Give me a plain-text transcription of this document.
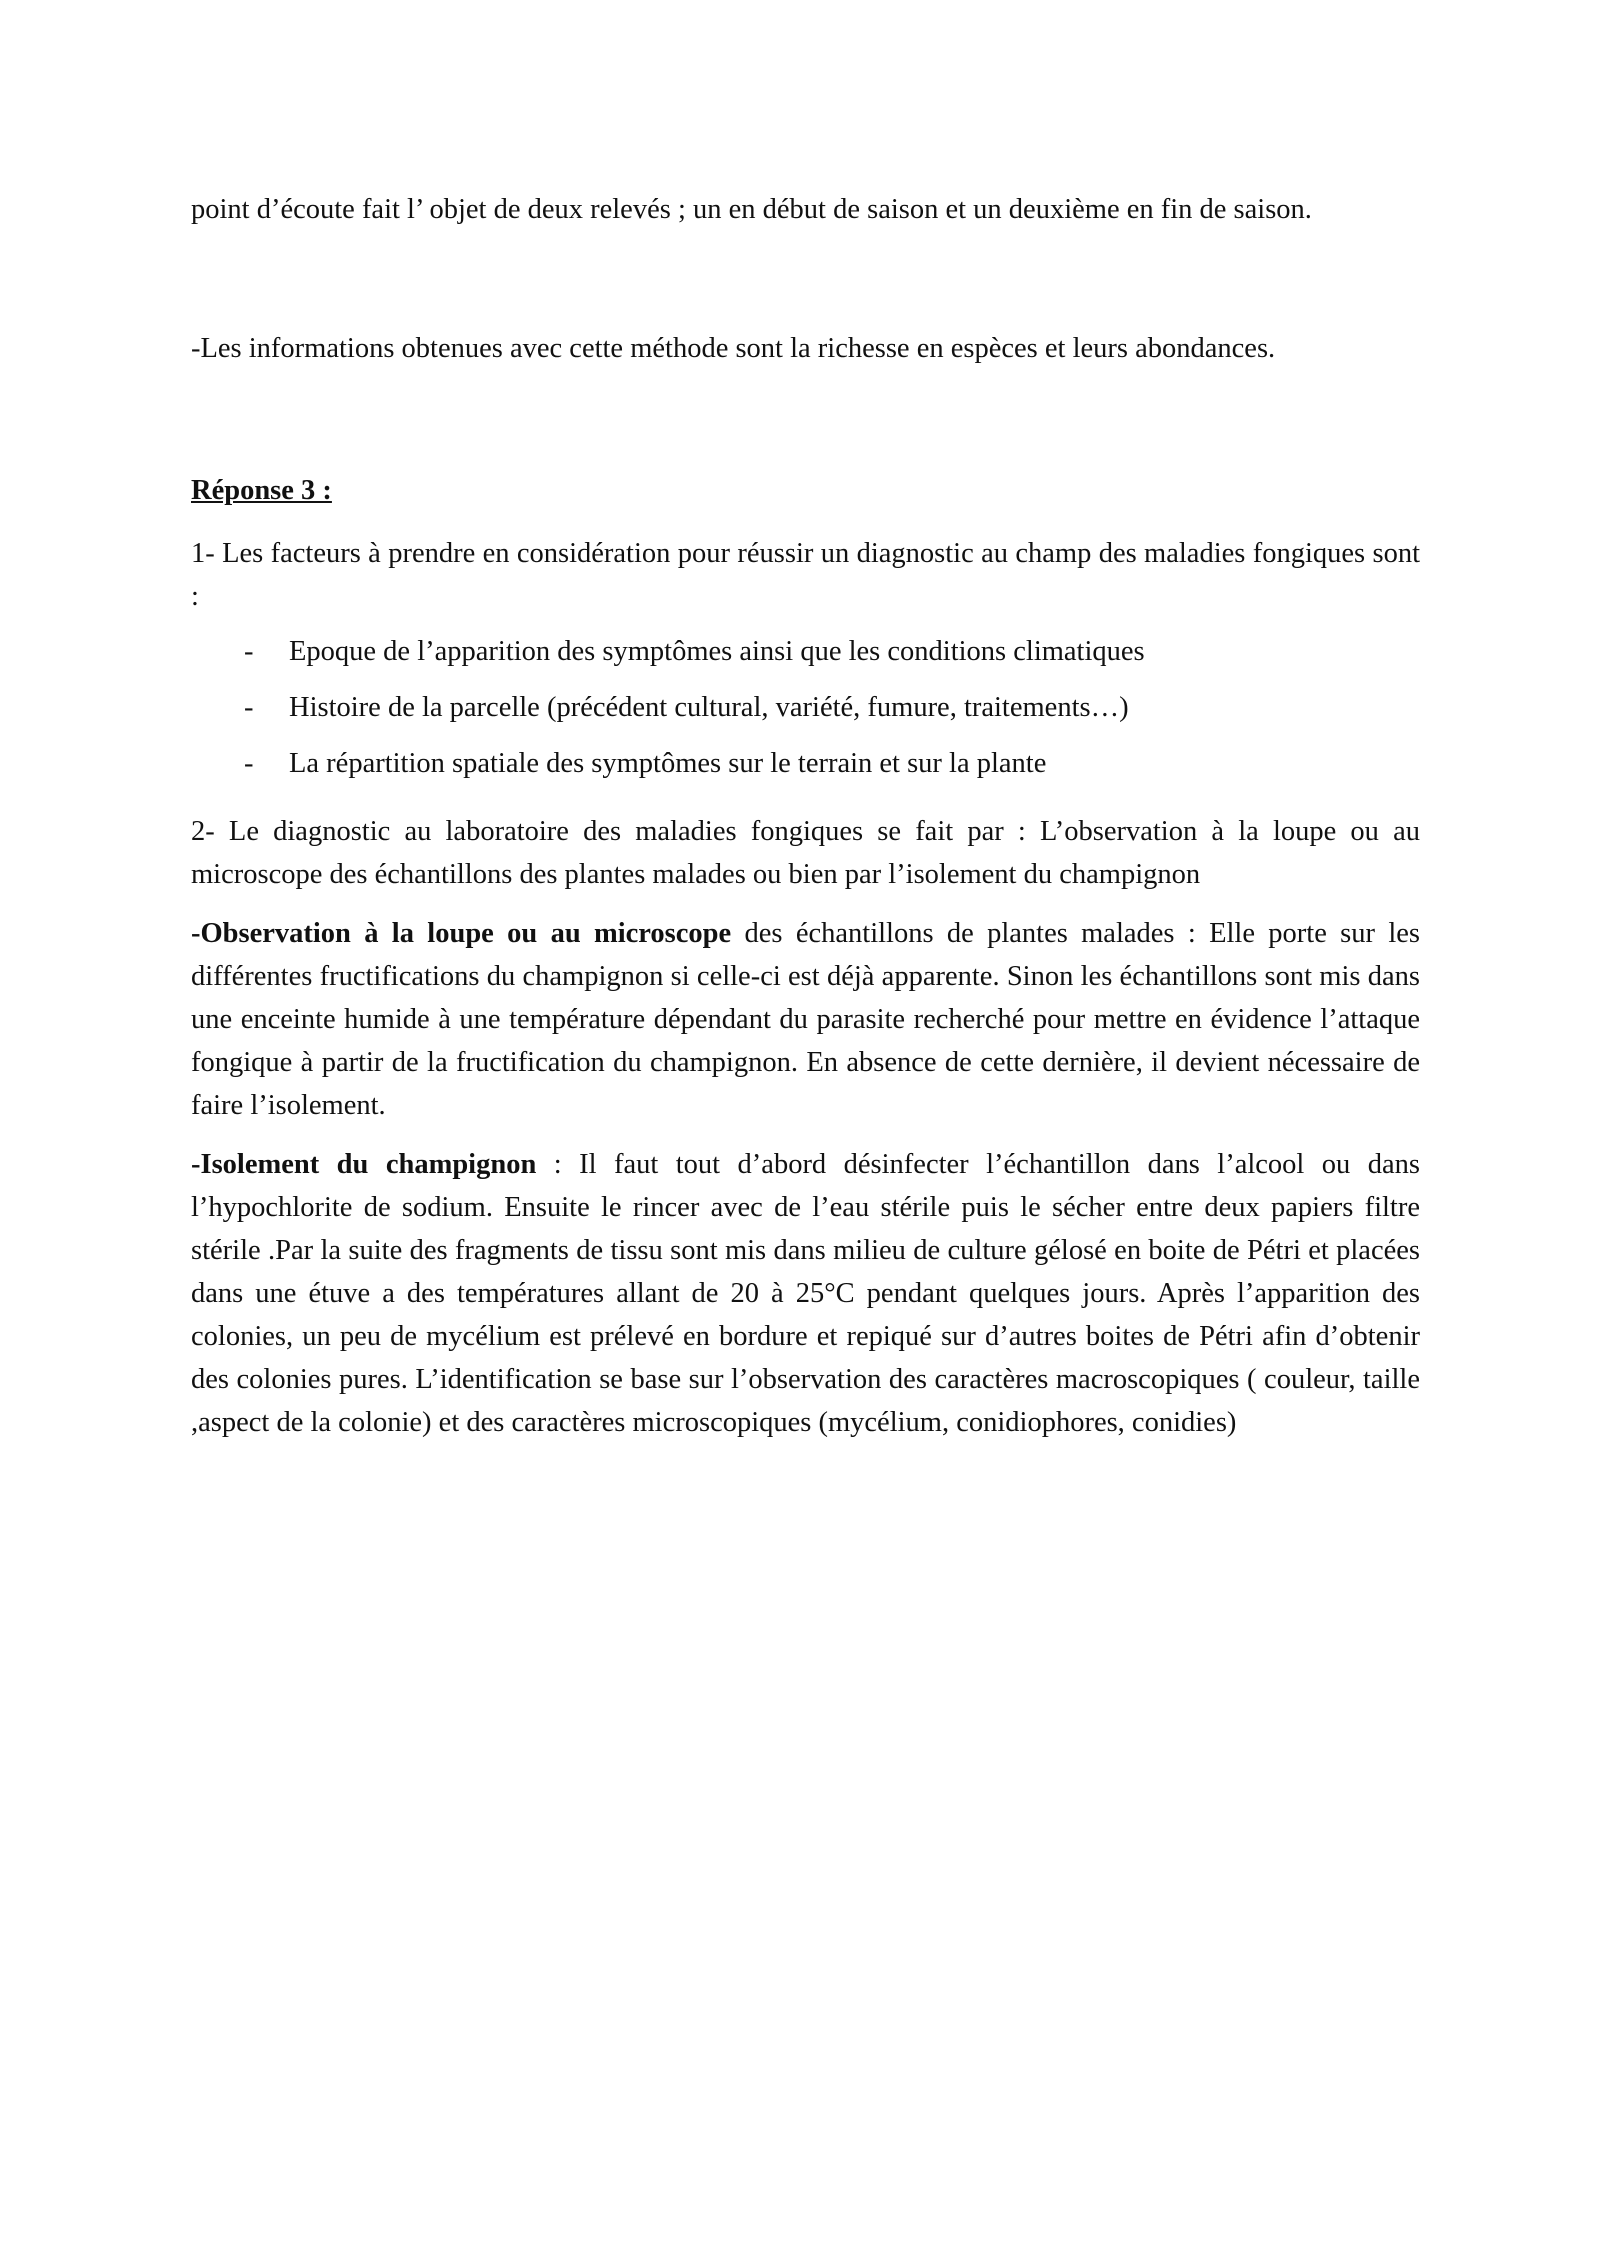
point d’écoute fait l’ objet de deux relevés ; un en début de saison et un deuxième en fin de saison.

-Les informations obtenues avec cette méthode sont la richesse en espèces et leurs abondances.

Réponse 3 :

1- Les facteurs à prendre en considération pour réussir un diagnostic au champ des maladies fongiques sont :

- Epoque de l’apparition des symptômes ainsi que les conditions climatiques
- Histoire de la parcelle (précédent cultural, variété, fumure, traitements…)
- La répartition spatiale des symptômes sur le terrain et sur la plante

2- Le diagnostic au laboratoire des maladies fongiques se fait par : L’observation à la loupe ou au microscope des échantillons des plantes malades ou bien par l’isolement du champignon

-Observation à la loupe ou au microscope des échantillons de plantes malades : Elle porte sur les différentes fructifications du champignon si celle-ci est déjà apparente. Sinon les échantillons sont mis dans une enceinte humide à une température dépendant du parasite recherché pour mettre en évidence l’attaque fongique à partir de la fructification du champignon. En absence de cette dernière, il devient nécessaire de faire l’isolement.

-Isolement du champignon : Il faut tout d’abord désinfecter l’échantillon dans l’alcool ou dans l’hypochlorite de sodium. Ensuite le rincer avec de l’eau stérile puis le sécher entre deux papiers filtre stérile .Par la suite des fragments de tissu sont mis dans milieu de culture gélosé en boite de Pétri et placées dans une étuve a des températures allant de 20 à 25°C pendant quelques jours. Après l’apparition des colonies, un peu de mycélium est prélevé en bordure et repiqué sur d’autres boites de Pétri afin d’obtenir des colonies pures. L’identification se base sur l’observation des caractères macroscopiques ( couleur, taille ,aspect de la colonie) et des caractères microscopiques (mycélium, conidiophores, conidies)
